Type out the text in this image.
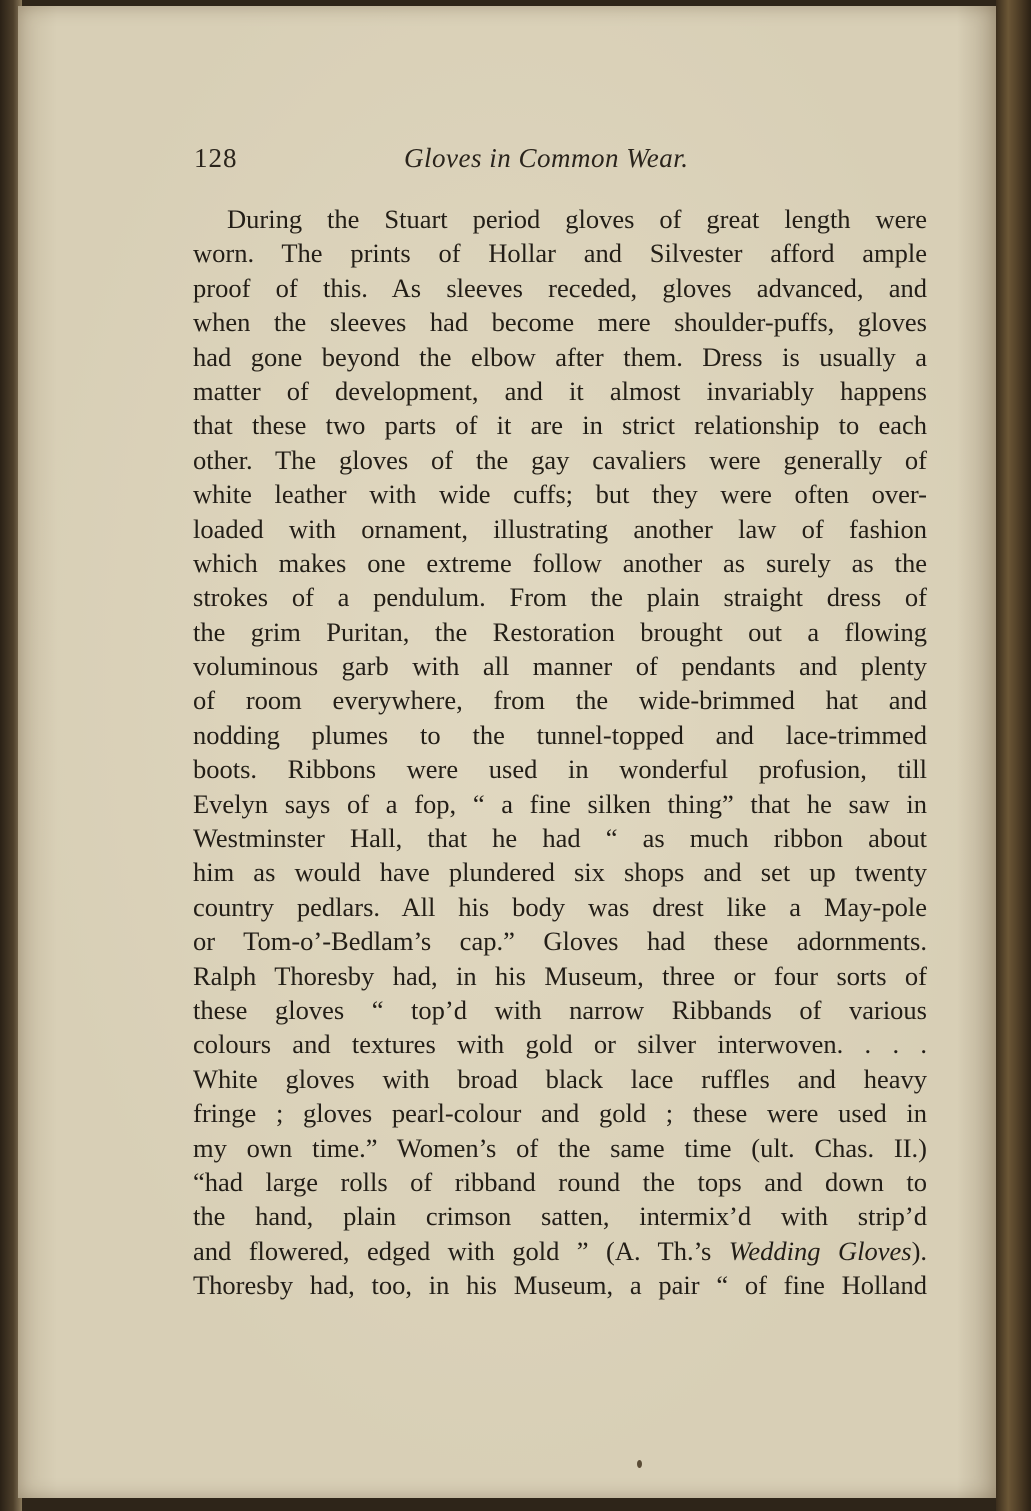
128	Gloves in Common Wear.
During the Stuart period gloves of great length were
worn. The prints of Hollar and Silvester afford ample
proof of this. As sleeves receded, gloves advanced, and
when the sleeves had become mere shoulder-puffs, gloves
had gone beyond the elbow after them. Dress is usually a
matter of development, and it almost invariably happens
that these two parts of it are in strict relationship to each
other. The gloves of the gay cavaliers were generally of
white leather with wide cuffs; but they were often over-
loaded with ornament, illustrating another law of fashion
which makes one extreme follow another as surely as the
strokes of a pendulum. From the plain straight dress of
the grim Puritan, the Restoration brought out a flowing
voluminous garb with all manner of pendants and plenty
of room everywhere, from the wide-brimmed hat and
nodding plumes to the tunnel-topped and lace-trimmed
boots. Ribbons were used in wonderful profusion, till
Evelyn says of a fop, “ a fine silken thing” that he saw in
Westminster Hall, that he had “ as much ribbon about
him as would have plundered six shops and set up twenty
country pedlars. All his body was drest like a May-pole
or Tom-o’-Bedlam’s cap.” Gloves had these adornments.
Ralph Thoresby had, in his Museum, three or four sorts of
these gloves “ top’d with narrow Ribbands of various
colours and textures with gold or silver interwoven. . . .
White gloves with broad black lace ruffles and heavy
fringe ; gloves pearl-colour and gold ; these were used in
my own time.” Women’s of the same time (ult. Chas. II.)
“had large rolls of ribband round the tops and down to
the hand, plain crimson satten, intermix’d with strip’d
and flowered, edged with gold ” (A. Th.’s Wedding Gloves).
Thoresby had, too, in his Museum, a pair “ of fine Holland
